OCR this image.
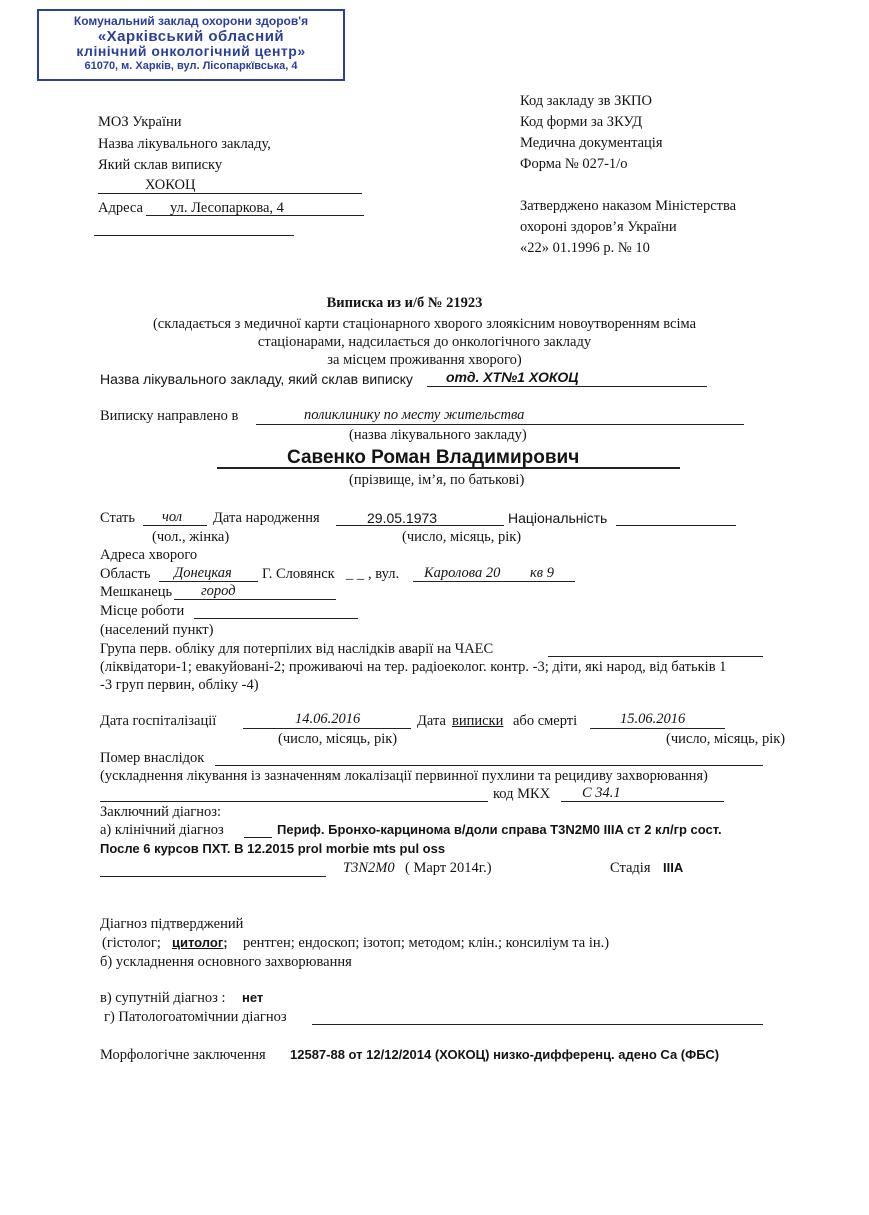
Комунальний заклад охорони здоров'я
«Харківський обласний
клінічний онкологічний центр»
61070, м. Харків, вул. Лісопаркївська, 4
МОЗ України
Назва лікувального закладу,
Який склав виписку
ХОКОЦ
Адреса ул. Лесопаркова, 4
Код закладу зв ЗКПО
Код форми за ЗКУД
Медична документація
Форма № 027-1/о
Затверджено наказом Міністерства
охороні здоров’я України
«22» 01.1996 р. № 10
Виписка из и/б № 21923
(складається з медичної карти стаціонарного хворого злоякісним новоутворенням всіма
стаціонарами, надсилається до онкологічного закладу
за місцем проживання хворого)
Назва лікувального закладу, який склав виписку отд. ХТ№1 ХОКОЦ
Виписку направлено в	поликлинику по месту жительства
(назва лікувального закладу)
Савенко Роман Владимирович
(прізвище, ім’я, по батькові)
Стать чол Дата народження	29.05.1973	Національність
(чол., жінка)	(число, місяць, рік)
Адреса хворого
Область Донецкая Г. Словянск _ _ , вул. Каролова 20 кв 9
Мешканець город
Місце роботи
(населений пункт)
Група перв. обліку для потерпілих від наслідків аварії на ЧАЕС
(ліквідатори-1; евакуйовані-2; проживаючі на тер. радіоеколог. контр. -3; діти, які народ, від батьків 1
-3 груп первин, обліку -4)
Дата госпіталізації	14.06.2016	Дата виписки або смерті	15.06.2016
(число, місяць, рік)	(число, місяць, рік)
Помер внаслідок
(ускладнення лікування із зазначенням локалізації первинної пухлини та рецидиву захворювання)
код МКХ С 34.1
Заключний діагноз:
а) клінічний діагноз	Периф. Бронхо-карцинома в/доли справа T3N2M0 IIIA ст 2 кл/гр сост.
После 6 курсов ПХТ. В 12.2015 prol morbie mts pul oss
T3N2M0 ( Март 2014г.)	Стадія IIIA
Діагноз підтверджений
(гістолог; цитолог; рентген; ендоскоп; ізотоп; методом; клін.; консиліум та ін.)
б) ускладнення основного захворювання
в) супутній діагноз : нет
г) Патологоатомічнии діагноз
Морфологічне заключення 12587-88 от 12/12/2014 (ХОКОЦ) низко-дифференц. адено Са (ФБС)
